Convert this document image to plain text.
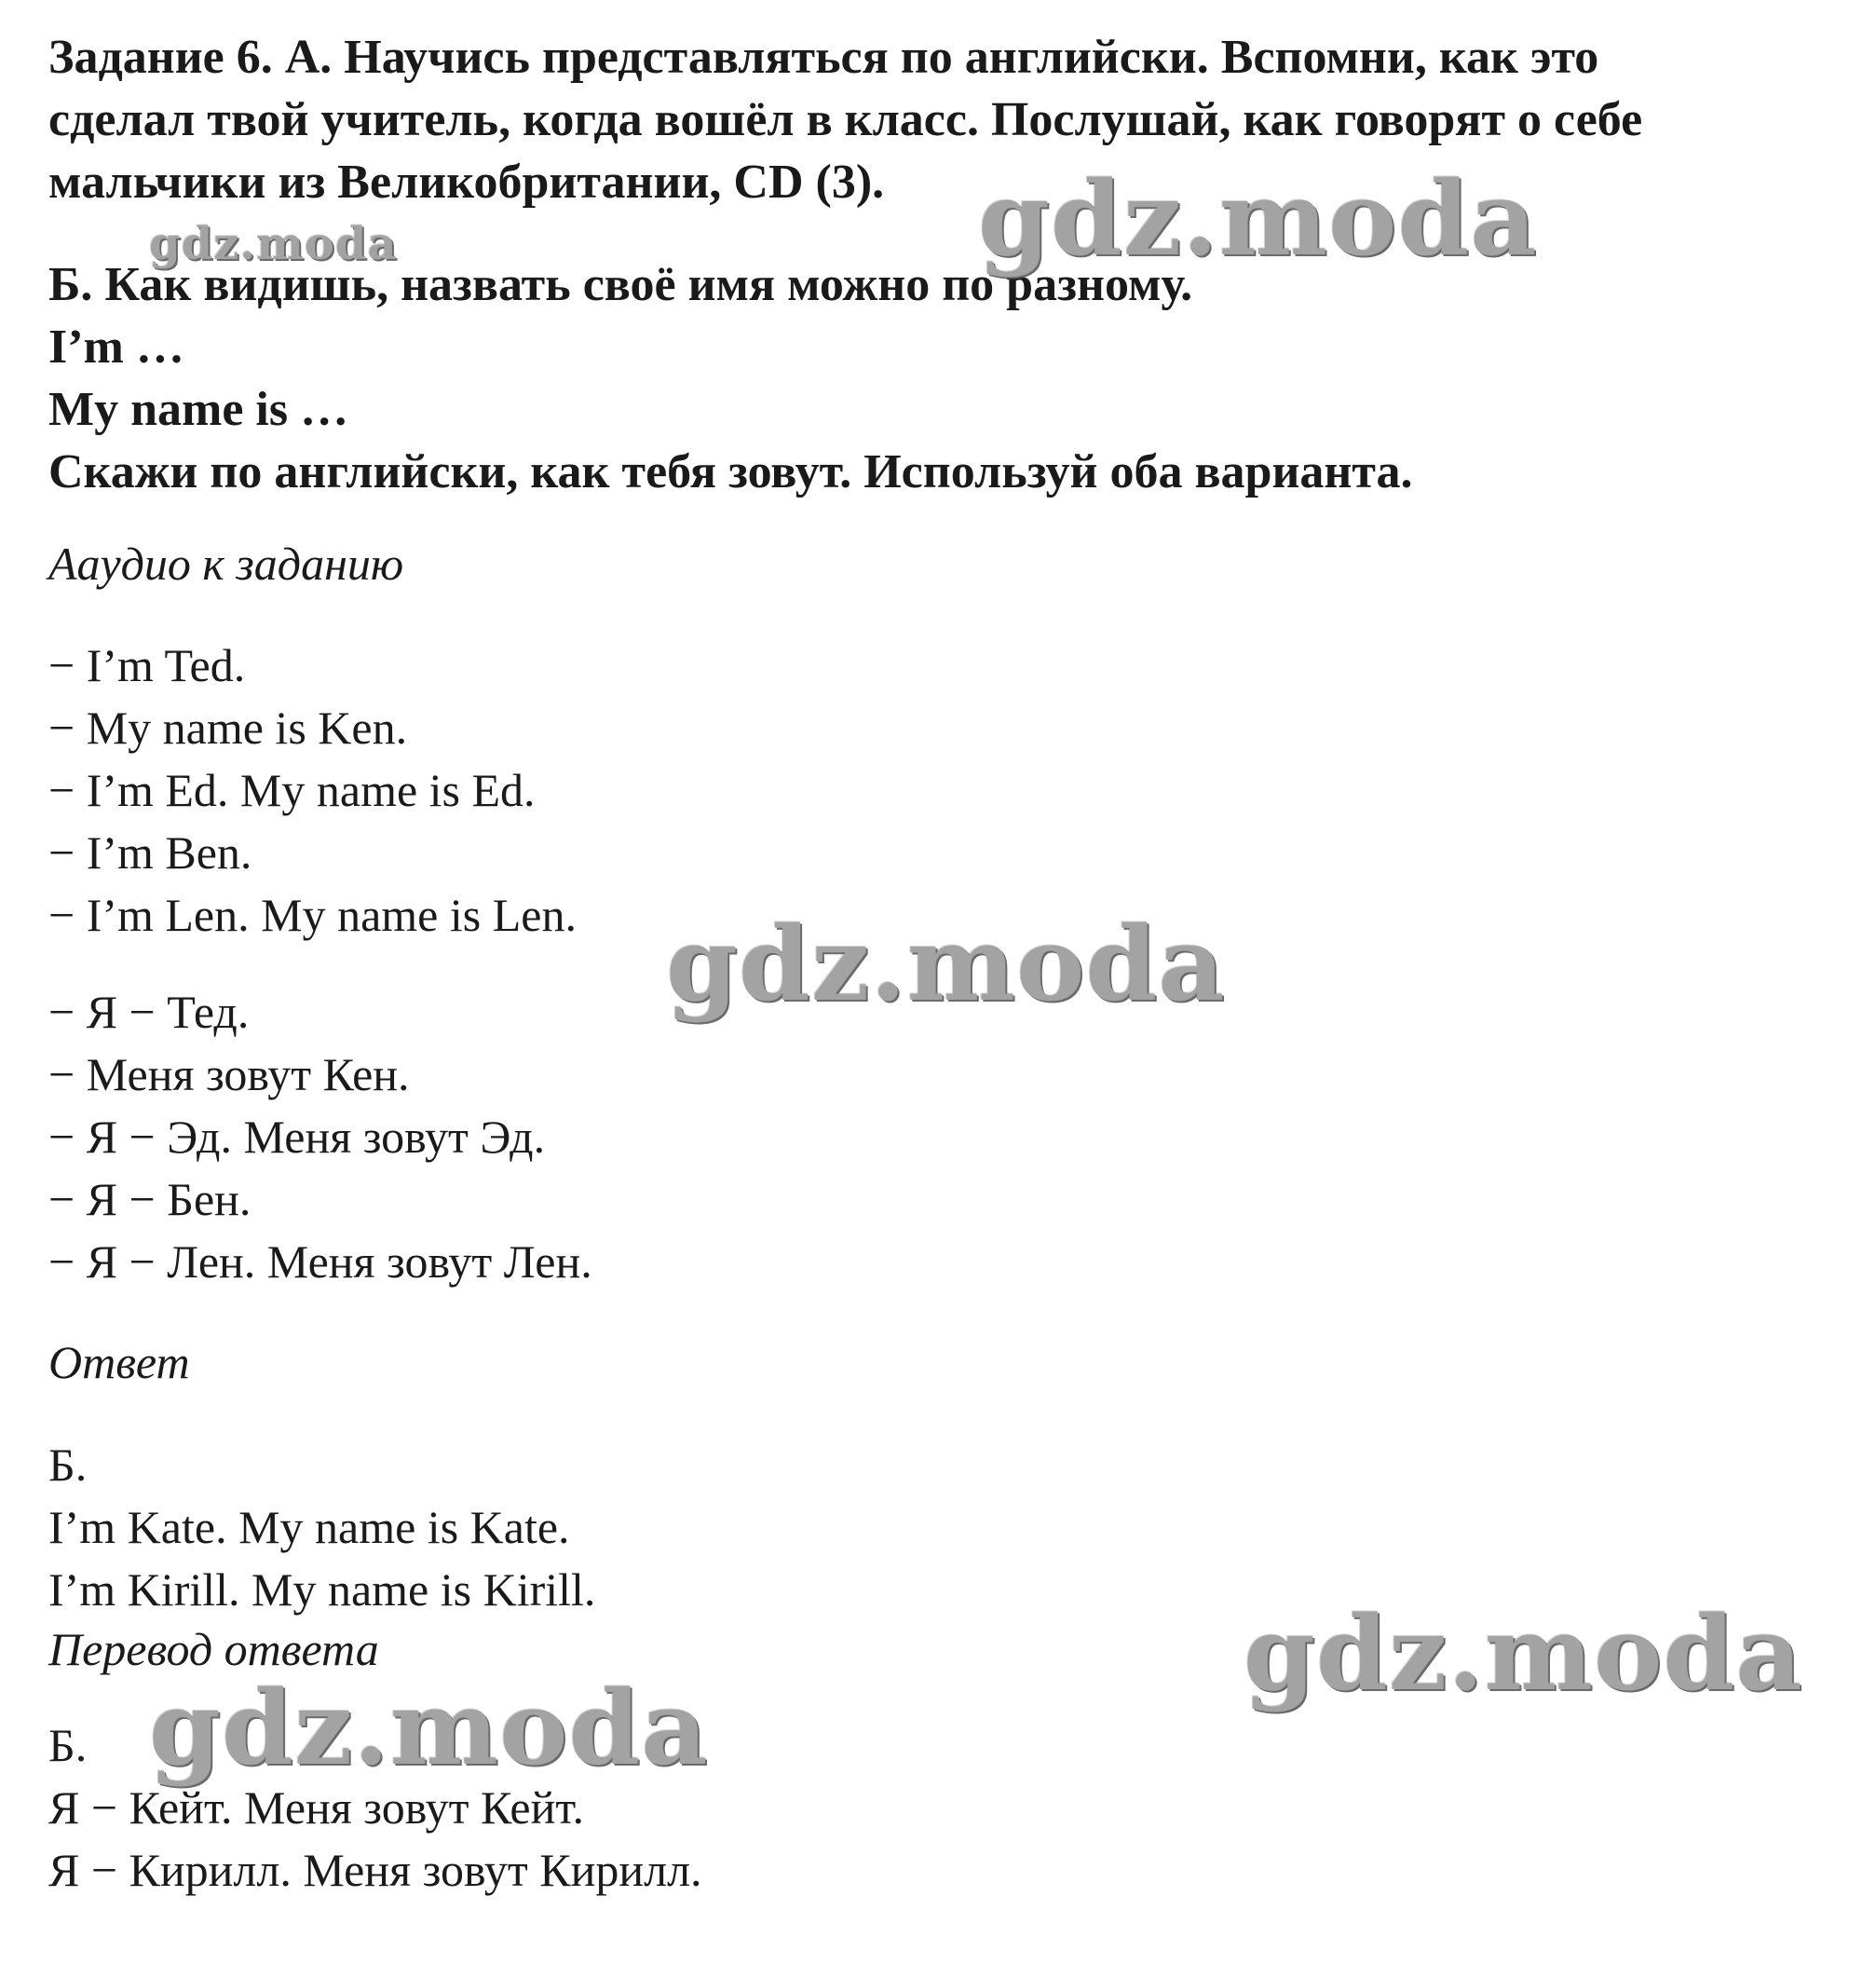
Задание 6. А. Научись представляться по английски. Вспомни, как это

сделал твой учитель, когда вошёл в класс. Послушай, как говорят о себе

мальчики из Великобритании, CD (3).

Б. Как видишь, назвать своё имя можно по разному.

I’m …

My name is …

Скажи по английски, как тебя зовут. Используй оба варианта.

Аaудио к заданию

− I’m Ted.

− My name is Ken.

− I’m Ed. My name is Ed.

− I’m Ben.

− I’m Len. My name is Len.

− Я − Тед.

− Меня зовут Кен.

− Я − Эд. Меня зовут Эд.

− Я − Бен.

− Я − Лен. Меня зовут Лен.

Ответ

Б.

I’m Kate. My name is Kate.

I’m Kirill. My name is Kirill.

Перевод ответа

Б.

Я − Кейт. Меня зовут Кейт.

Я − Кирилл. Меня зовут Кирилл.

gdz.moda	gdz.moda
gdz.moda
gdz.moda
gdz.moda
